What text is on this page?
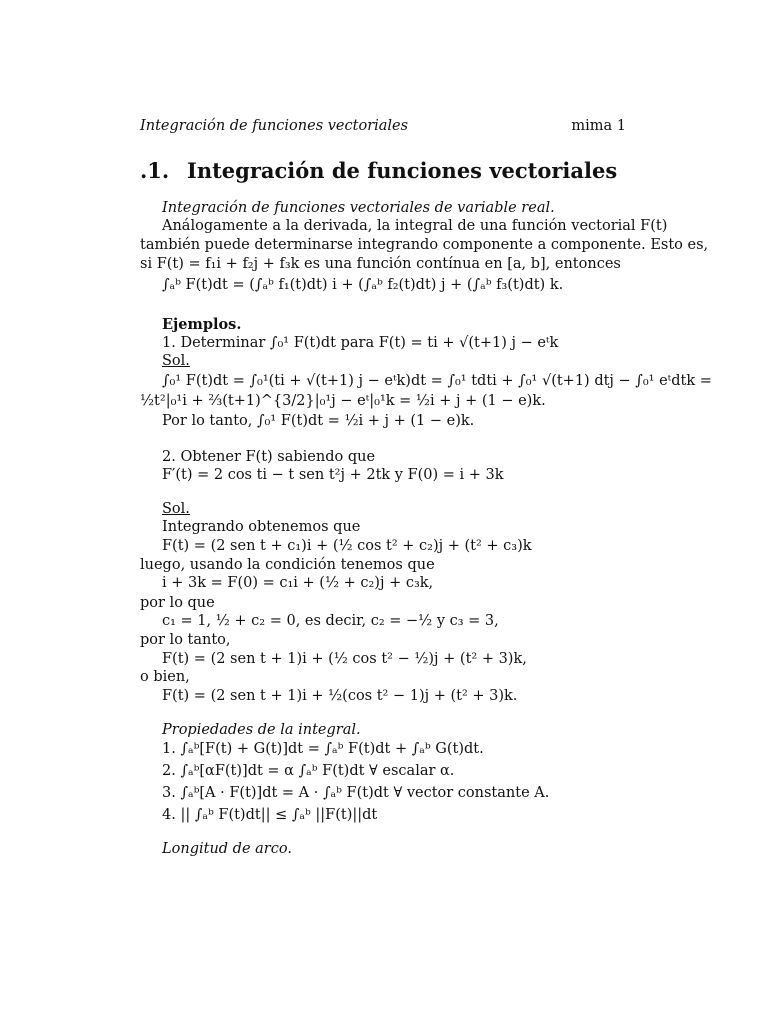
Integración de funciones vectoriales	mima 1
.1. Integración de funciones vectoriales
Integración de funciones vectoriales de variable real.
Análogamente a la derivada, la integral de una función vectorial F(t)
también puede determinarse integrando componente a componente. Esto es,
si F(t) = f₁i + f₂j + f₃k es una función contínua en [a, b], entonces
∫ₐᵇ F(t)dt = (∫ₐᵇ f₁(t)dt) i + (∫ₐᵇ f₂(t)dt) j + (∫ₐᵇ f₃(t)dt) k.
Ejemplos.
1. Determinar ∫₀¹ F(t)dt para F(t) = ti + √(t+1) j − eᵗk
Sol.
∫₀¹ F(t)dt = ∫₀¹(ti + √(t+1) j − eᵗk)dt = ∫₀¹ tdti + ∫₀¹ √(t+1) dtj − ∫₀¹ eᵗdtk =
½t²|₀¹i + ⅔(t+1)^{3/2}|₀¹j − eᵗ|₀¹k = ½i + j + (1 − e)k.
Por lo tanto, ∫₀¹ F(t)dt = ½i + j + (1 − e)k.
2. Obtener F(t) sabiendo que
F′(t) = 2 cos ti − t sen t²j + 2tk y F(0) = i + 3k
Sol.
Integrando obtenemos que
F(t) = (2 sen t + c₁)i + (½ cos t² + c₂)j + (t² + c₃)k
luego, usando la condición tenemos que
i + 3k = F(0) = c₁i + (½ + c₂)j + c₃k,
por lo que
c₁ = 1, ½ + c₂ = 0, es decir, c₂ = −½ y c₃ = 3,
por lo tanto,
F(t) = (2 sen t + 1)i + (½ cos t² − ½)j + (t² + 3)k,
o bien,
F(t) = (2 sen t + 1)i + ½(cos t² − 1)j + (t² + 3)k.
Propiedades de la integral.
1. ∫ₐᵇ[F(t) + G(t)]dt = ∫ₐᵇ F(t)dt + ∫ₐᵇ G(t)dt.
2. ∫ₐᵇ[αF(t)]dt = α ∫ₐᵇ F(t)dt ∀ escalar α.
3. ∫ₐᵇ[A · F(t)]dt = A · ∫ₐᵇ F(t)dt ∀ vector constante A.
4. || ∫ₐᵇ F(t)dt|| ≤ ∫ₐᵇ ||F(t)||dt
Longitud de arco.
